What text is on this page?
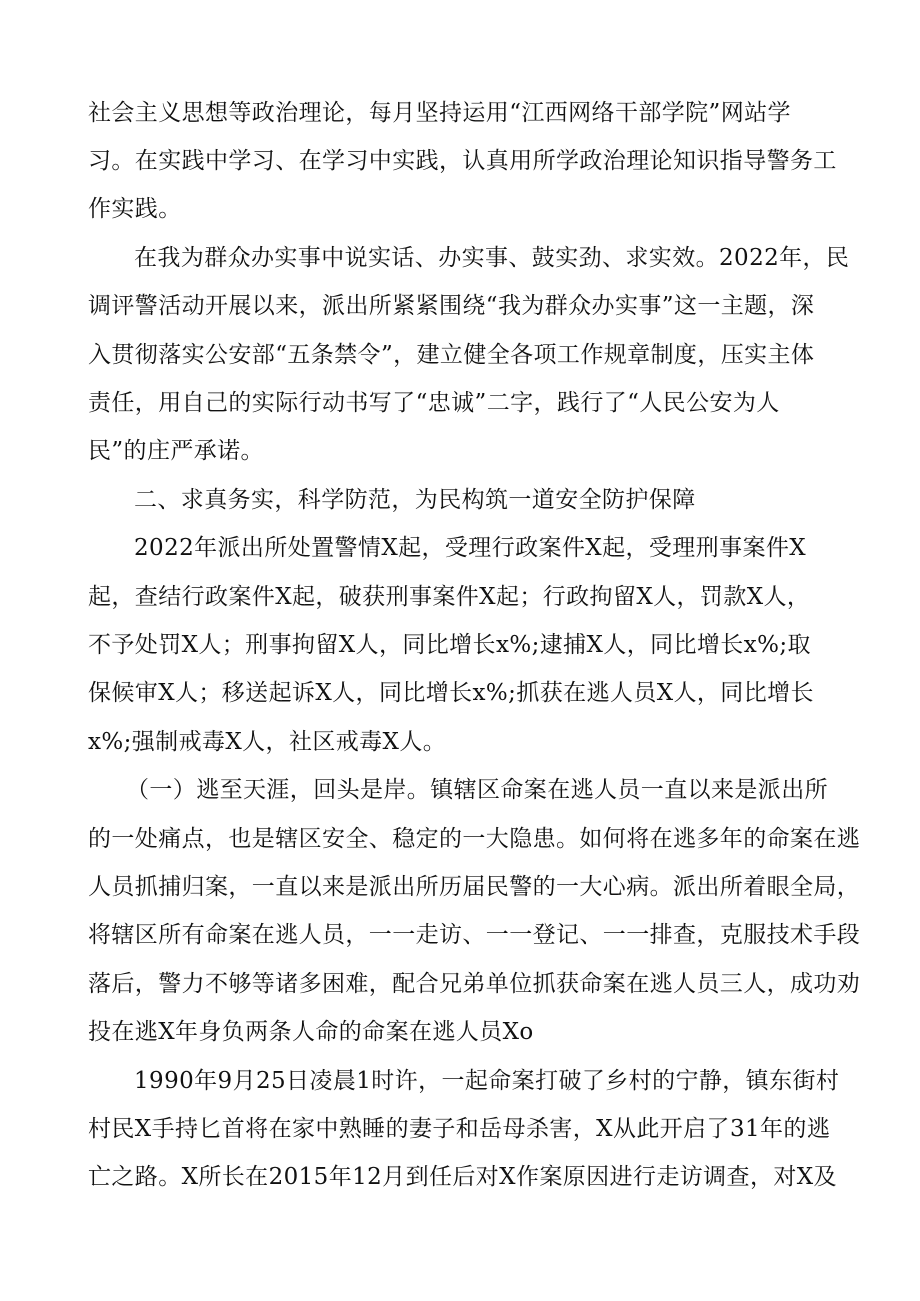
社会主义思想等政治理论，每月坚持运用“江西网络干部学院”网站学
习。在实践中学习、在学习中实践，认真用所学政治理论知识指导警务工
作实践。
在我为群众办实事中说实话、办实事、鼓实劲、求实效。2022年，民
调评警活动开展以来，派出所紧紧围绕“我为群众办实事”这一主题，深
入贯彻落实公安部“五条禁令”，建立健全各项工作规章制度，压实主体
责任，用自己的实际行动书写了“忠诚”二字，践行了“人民公安为人
民”的庄严承诺。
二、求真务实，科学防范，为民构筑一道安全防护保障
2022年派出所处置警情X起，受理行政案件X起，受理刑事案件X
起，查结行政案件X起，破获刑事案件X起；行政拘留X人，罚款X人，
不予处罚X人；刑事拘留X人，同比增长x%;逮捕X人，同比增长x%;取
保候审X人；移送起诉X人，同比增长x%;抓获在逃人员X人，同比增长
x%;强制戒毒X人，社区戒毒X人。
（一）逃至天涯，回头是岸。镇辖区命案在逃人员一直以来是派出所
的一处痛点，也是辖区安全、稳定的一大隐患。如何将在逃多年的命案在逃
人员抓捕归案，一直以来是派出所历届民警的一大心病。派出所着眼全局，
将辖区所有命案在逃人员，一一走访、一一登记、一一排查，克服技术手段
落后，警力不够等诸多困难，配合兄弟单位抓获命案在逃人员三人，成功劝
投在逃X年身负两条人命的命案在逃人员Xo
1990年9月25日凌晨1时许，一起命案打破了乡村的宁静，镇东街村
村民X手持匕首将在家中熟睡的妻子和岳母杀害，X从此开启了31年的逃
亡之路。X所长在2015年12月到任后对X作案原因进行走访调查，对X及
